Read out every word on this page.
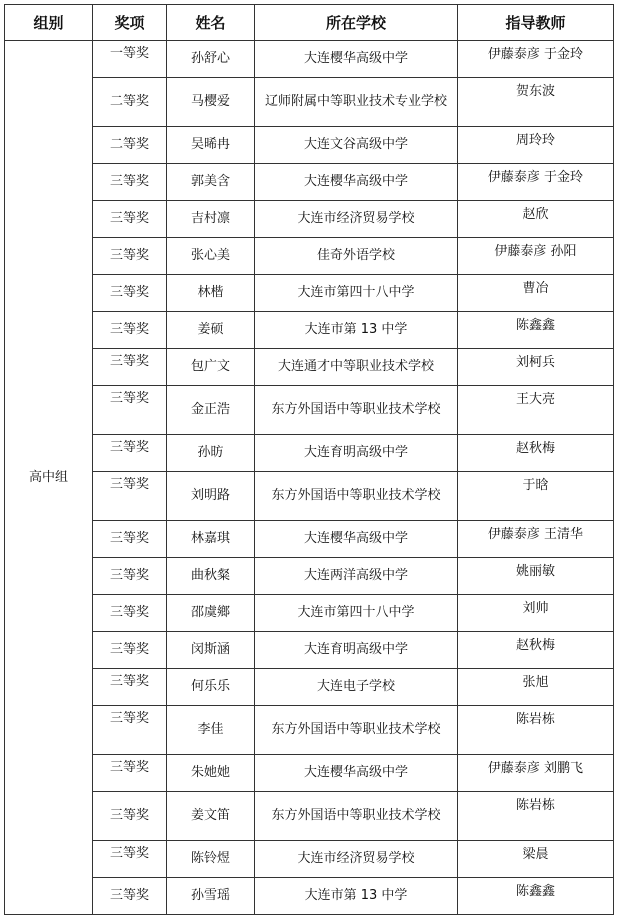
组别	奖项	姓名	所在学校	指导教师
高中组	一等奖	孙舒心	大连樱华高级中学	伊藤泰彦 于金玲
	二等奖	马樱爱	辽师附属中等职业技术专业学校	贺东波
	二等奖	吴晞冉	大连文谷高级中学	周玲玲
	三等奖	郭美含	大连樱华高级中学	伊藤泰彦 于金玲
	三等奖	吉村凛	大连市经济贸易学校	赵欣
	三等奖	张心美	佳奇外语学校	伊藤泰彦 孙阳
	三等奖	林楷	大连市第四十八中学	曹冶
	三等奖	姜硕	大连市第 13 中学	陈鑫鑫
	三等奖	包广文	大连通才中等职业技术学校	刘柯兵
	三等奖	金正浩	东方外国语中等职业技术学校	王大亮
	三等奖	孙昉	大连育明高级中学	赵秋梅
	三等奖	刘明路	东方外国语中等职业技术学校	于晗
	三等奖	林嘉琪	大连樱华高级中学	伊藤泰彦 王清华
	三等奖	曲秋粲	大连两洋高级中学	姚丽敏
	三等奖	邵虞鄉	大连市第四十八中学	刘帅
	三等奖	闵斯涵	大连育明高级中学	赵秋梅
	三等奖	何乐乐	大连电子学校	张旭
	三等奖	李佳	东方外国语中等职业技术学校	陈岩栋
	三等奖	朱她她	大连樱华高级中学	伊藤泰彦 刘鹏飞
	三等奖	姜文笛	东方外国语中等职业技术学校	陈岩栋
	三等奖	陈铃煜	大连市经济贸易学校	梁晨
	三等奖	孙雪瑶	大连市第 13 中学	陈鑫鑫
